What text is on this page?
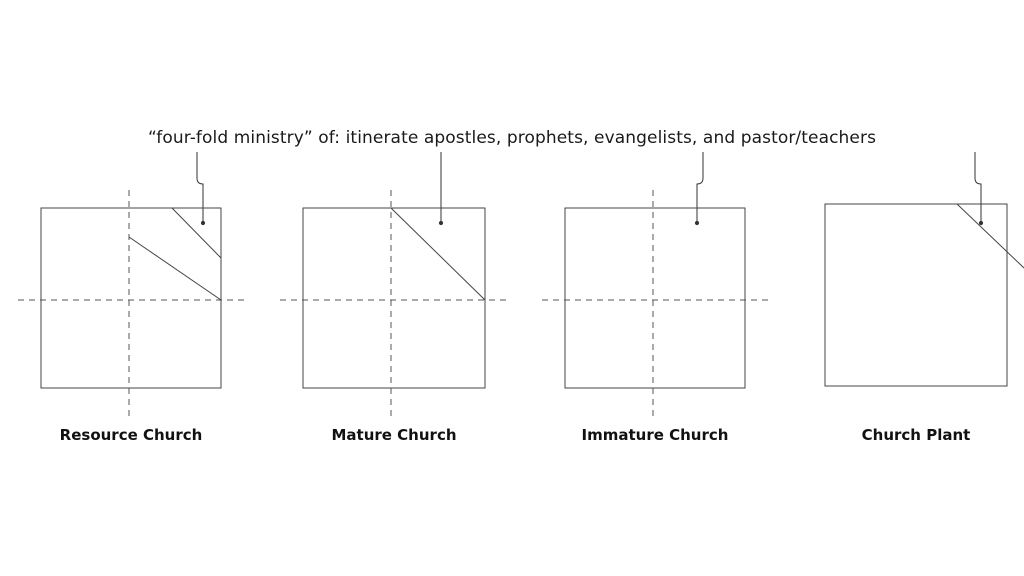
“four-fold ministry” of: itinerate apostles, prophets, evangelists, and pastor/teachers
Resource Church	Mature Church	Immature Church	Church Plant
